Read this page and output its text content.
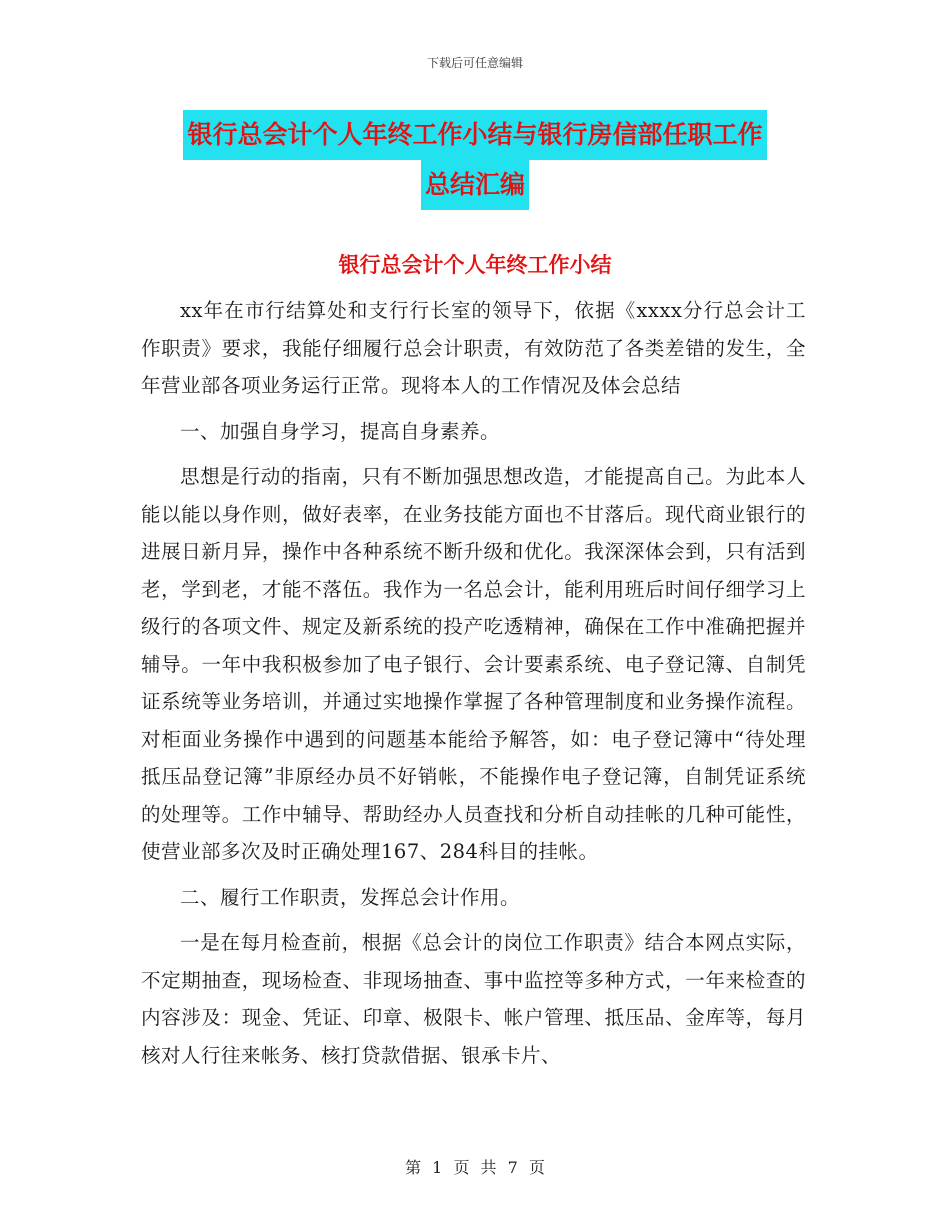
下载后可任意编辑
银行总会计个人年终工作小结与银行房信部任职工作
总结汇编
银行总会计个人年终工作小结

xx年在市行结算处和支行行长室的领导下，依据《xxxx分行总会计工作职责》要求，我能仔细履行总会计职责，有效防范了各类差错的发生，全年营业部各项业务运行正常。现将本人的工作情况及体会总结

一、加强自身学习，提高自身素养。

思想是行动的指南，只有不断加强思想改造，才能提高自己。为此本人能以能以身作则，做好表率，在业务技能方面也不甘落后。现代商业银行的进展日新月异，操作中各种系统不断升级和优化。我深深体会到，只有活到老，学到老，才能不落伍。我作为一名总会计，能利用班后时间仔细学习上级行的各项文件、规定及新系统的投产吃透精神，确保在工作中准确把握并辅导。一年中我积极参加了电子银行、会计要素系统、电子登记簿、自制凭证系统等业务培训，并通过实地操作掌握了各种管理制度和业务操作流程。对柜面业务操作中遇到的问题基本能给予解答，如：电子登记簿中“待处理抵压品登记簿”非原经办员不好销帐，不能操作电子登记簿，自制凭证系统的处理等。工作中辅导、帮助经办人员查找和分析自动挂帐的几种可能性，使营业部多次及时正确处理167、284科目的挂帐。

二、履行工作职责，发挥总会计作用。

一是在每月检查前，根据《总会计的岗位工作职责》结合本网点实际，不定期抽查，现场检查、非现场抽查、事中监控等多种方式，一年来检查的内容涉及：现金、凭证、印章、极限卡、帐户管理、抵压品、金库等，每月核对人行往来帐务、核打贷款借据、银承卡片、

第 1 页 共 7 页
